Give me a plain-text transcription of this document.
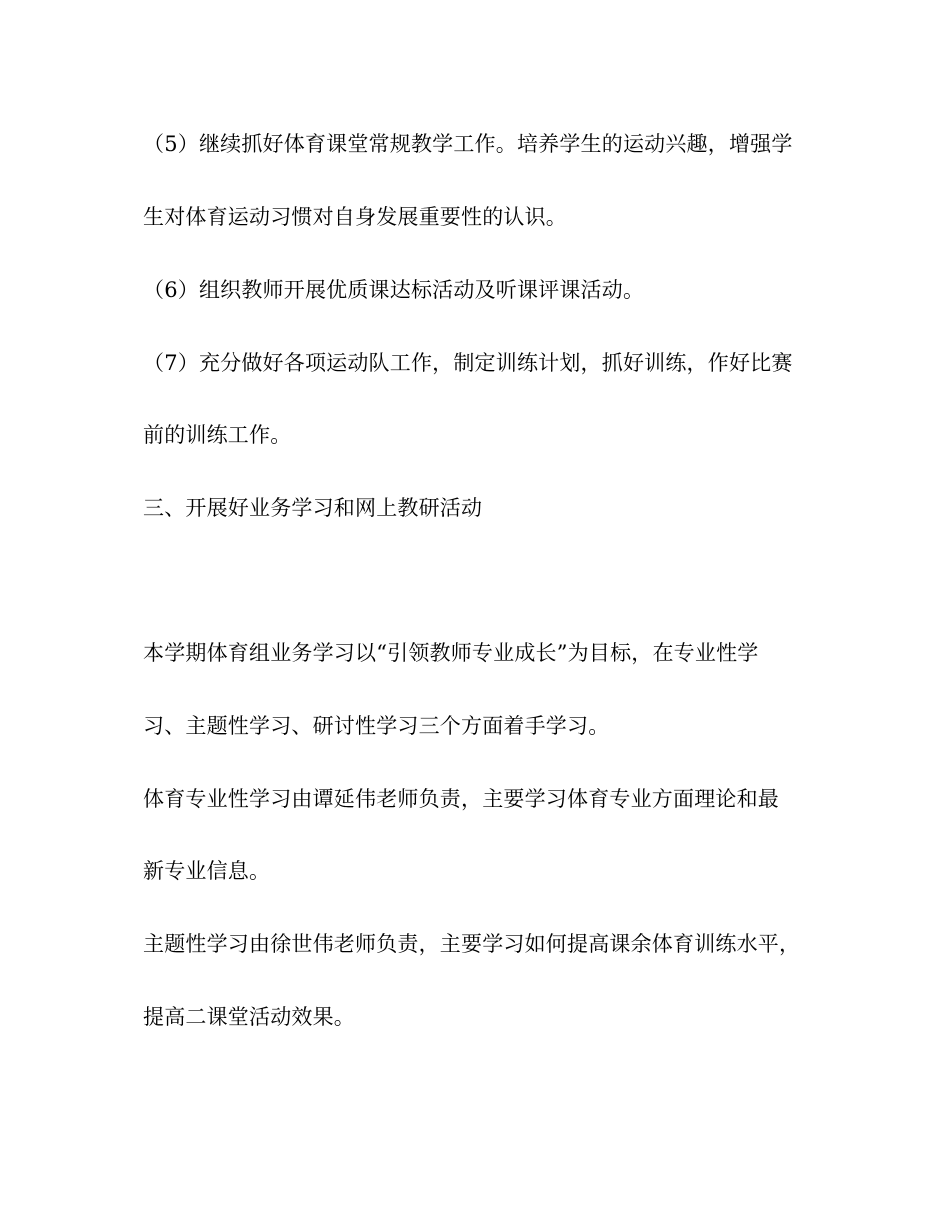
（5）继续抓好体育课堂常规教学工作。培养学生的运动兴趣，增强学
生对体育运动习惯对自身发展重要性的认识。
（6）组织教师开展优质课达标活动及听课评课活动。
（7）充分做好各项运动队工作，制定训练计划，抓好训练，作好比赛
前的训练工作。
三、开展好业务学习和网上教研活动
本学期体育组业务学习以“引领教师专业成长”为目标，在专业性学
习、主题性学习、研讨性学习三个方面着手学习。
体育专业性学习由谭延伟老师负责，主要学习体育专业方面理论和最
新专业信息。
主题性学习由徐世伟老师负责，主要学习如何提高课余体育训练水平，
提高二课堂活动效果。
